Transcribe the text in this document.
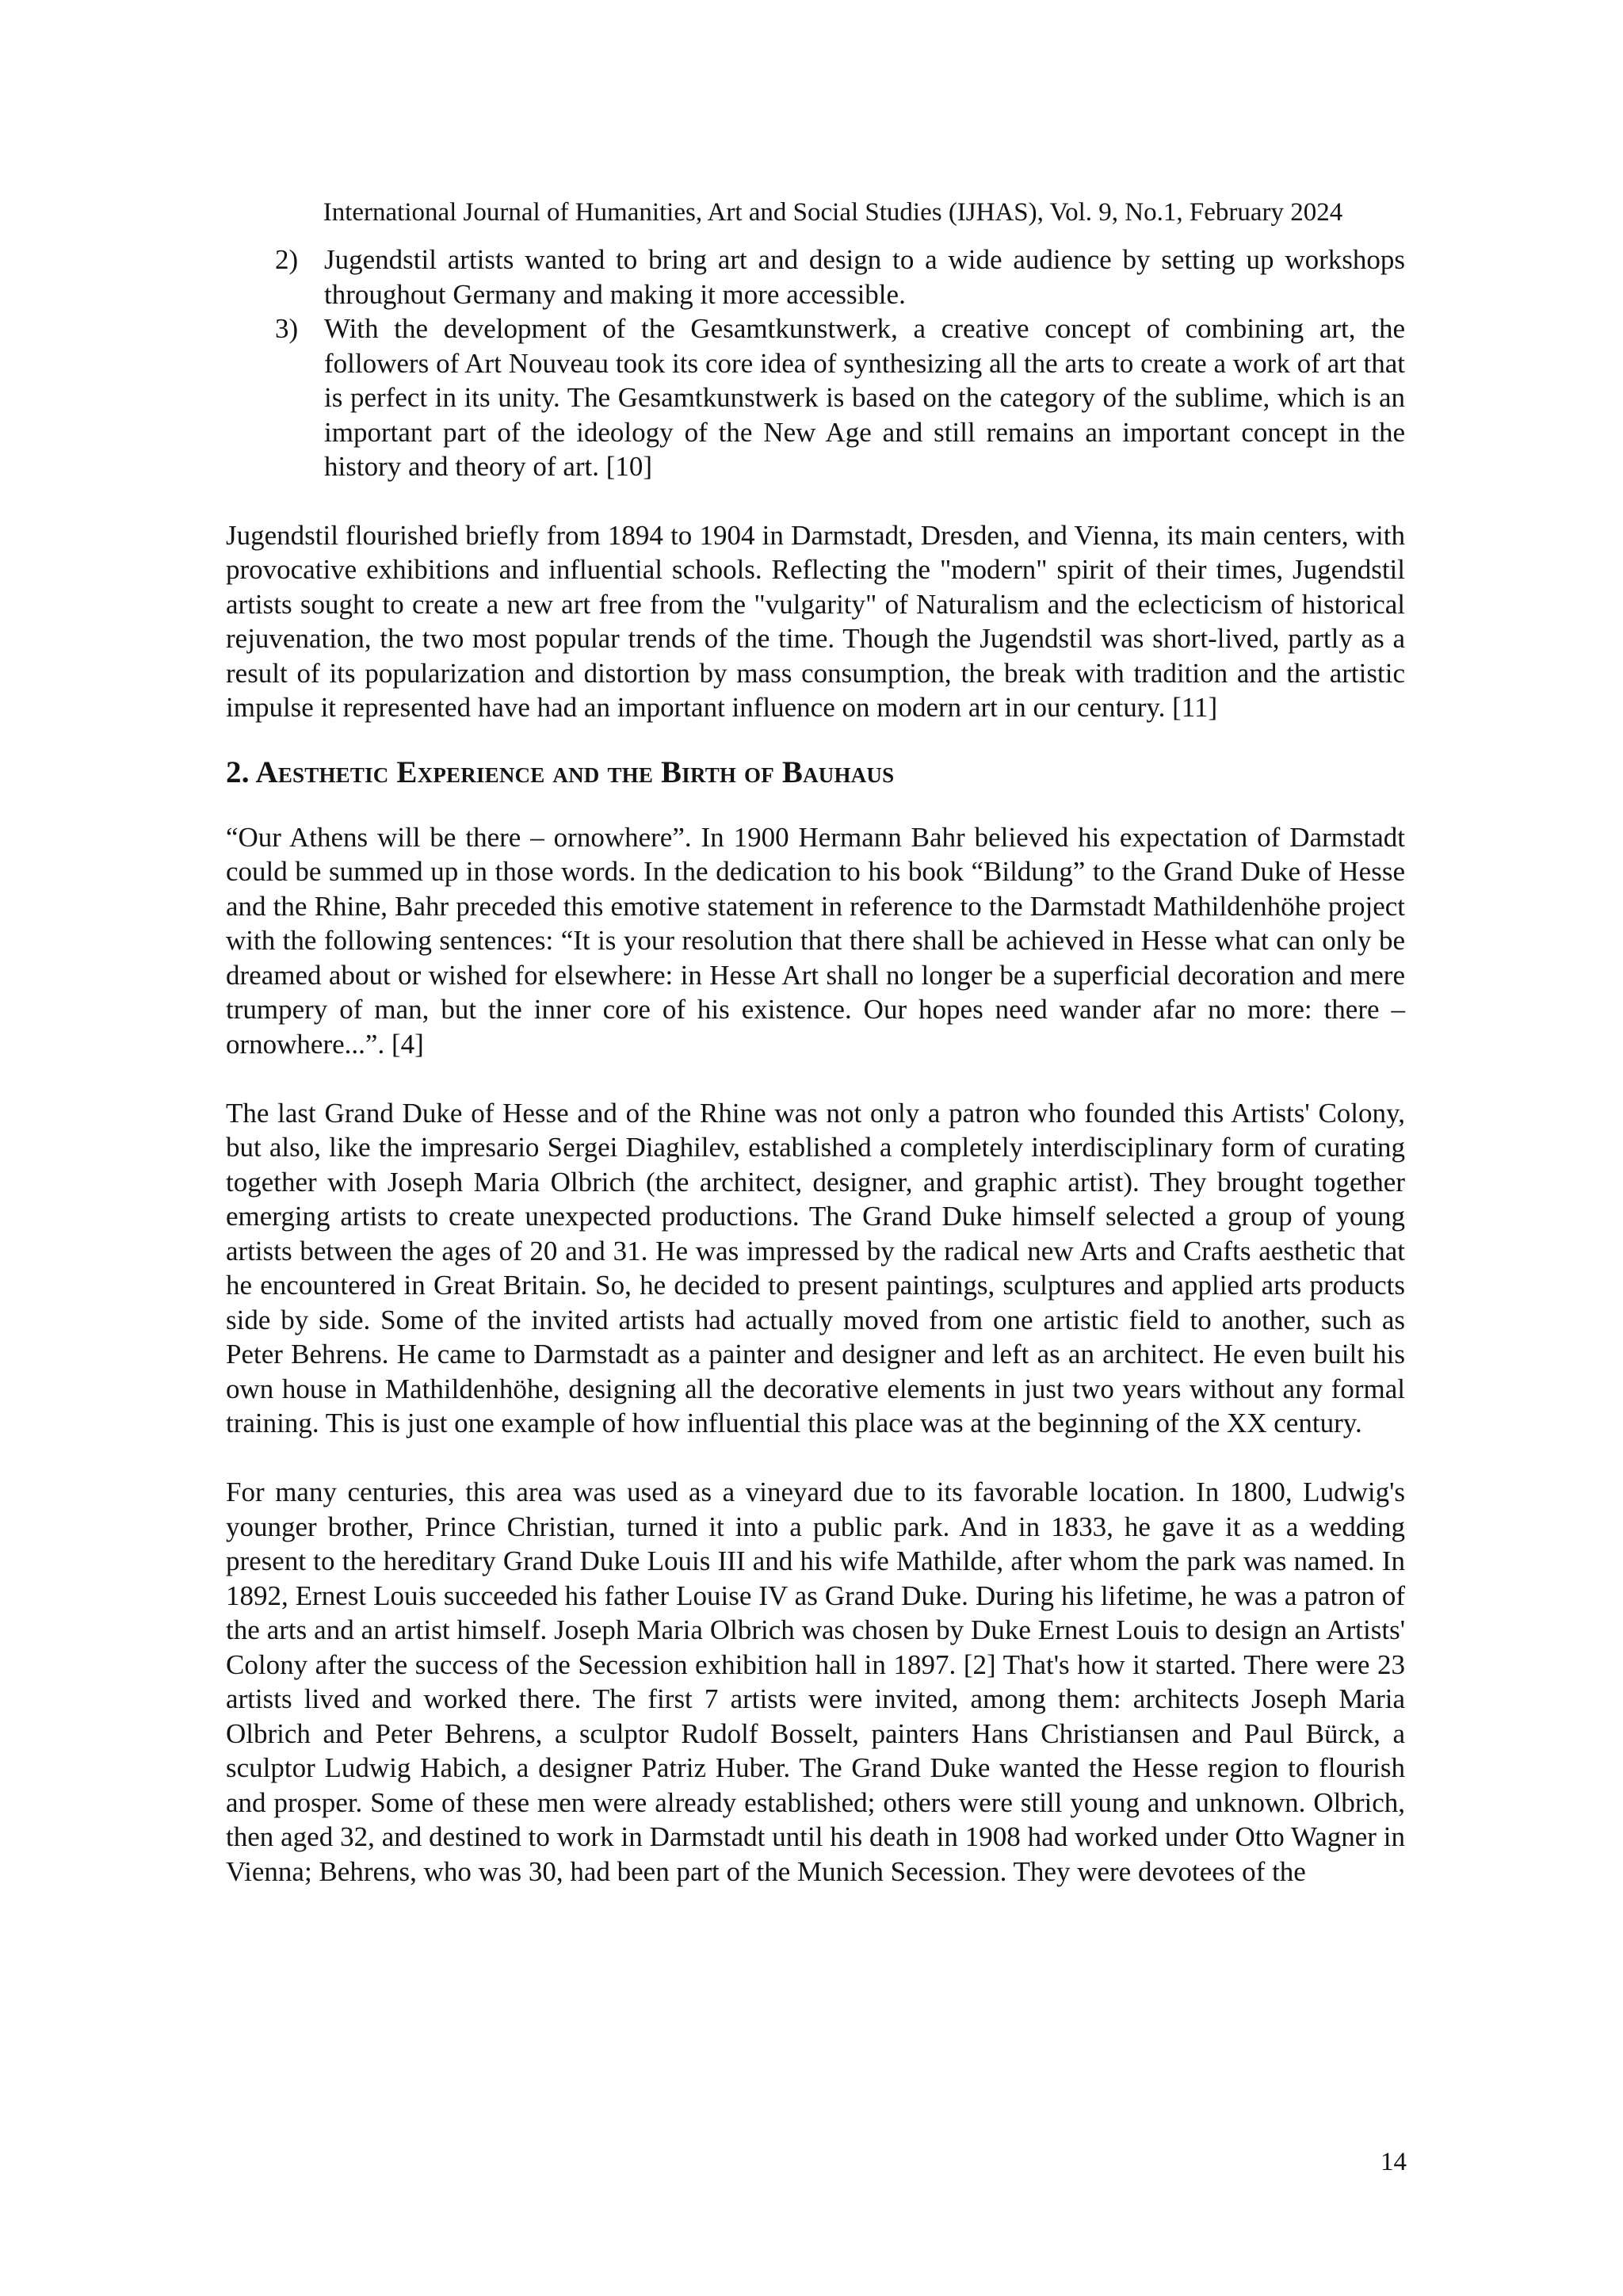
International Journal of Humanities, Art and Social Studies (IJHAS), Vol. 9, No.1, February 2024
2) Jugendstil artists wanted to bring art and design to a wide audience by setting up workshops throughout Germany and making it more accessible.
3) With the development of the Gesamtkunstwerk, a creative concept of combining art, the followers of Art Nouveau took its core idea of synthesizing all the arts to create a work of art that is perfect in its unity. The Gesamtkunstwerk is based on the category of the sublime, which is an important part of the ideology of the New Age and still remains an important concept in the history and theory of art. [10]

Jugendstil flourished briefly from 1894 to 1904 in Darmstadt, Dresden, and Vienna, its main centers, with provocative exhibitions and influential schools. Reflecting the "modern" spirit of their times, Jugendstil artists sought to create a new art free from the "vulgarity" of Naturalism and the eclecticism of historical rejuvenation, the two most popular trends of the time. Though the Jugendstil was short-lived, partly as a result of its popularization and distortion by mass consumption, the break with tradition and the artistic impulse it represented have had an important influence on modern art in our century. [11]

2. Aesthetic Experience and the Birth of Bauhaus

“Our Athens will be there – ornowhere”. In 1900 Hermann Bahr believed his expectation of Darmstadt could be summed up in those words. In the dedication to his book “Bildung” to the Grand Duke of Hesse and the Rhine, Bahr preceded this emotive statement in reference to the Darmstadt Mathildenhöhe project with the following sentences: “It is your resolution that there shall be achieved in Hesse what can only be dreamed about or wished for elsewhere: in Hesse Art shall no longer be a superficial decoration and mere trumpery of man, but the inner core of his existence. Our hopes need wander afar no more: there – ornowhere...”. [4]

The last Grand Duke of Hesse and of the Rhine was not only a patron who founded this Artists' Colony, but also, like the impresario Sergei Diaghilev, established a completely interdisciplinary form of curating together with Joseph Maria Olbrich (the architect, designer, and graphic artist). They brought together emerging artists to create unexpected productions. The Grand Duke himself selected a group of young artists between the ages of 20 and 31. He was impressed by the radical new Arts and Crafts aesthetic that he encountered in Great Britain. So, he decided to present paintings, sculptures and applied arts products side by side. Some of the invited artists had actually moved from one artistic field to another, such as Peter Behrens. He came to Darmstadt as a painter and designer and left as an architect. He even built his own house in Mathildenhöhe, designing all the decorative elements in just two years without any formal training. This is just one example of how influential this place was at the beginning of the XX century.

For many centuries, this area was used as a vineyard due to its favorable location. In 1800, Ludwig's younger brother, Prince Christian, turned it into a public park. And in 1833, he gave it as a wedding present to the hereditary Grand Duke Louis III and his wife Mathilde, after whom the park was named. In 1892, Ernest Louis succeeded his father Louise IV as Grand Duke. During his lifetime, he was a patron of the arts and an artist himself. Joseph Maria Olbrich was chosen by Duke Ernest Louis to design an Artists' Colony after the success of the Secession exhibition hall in 1897. [2] That's how it started. There were 23 artists lived and worked there. The first 7 artists were invited, among them: architects Joseph Maria Olbrich and Peter Behrens, a sculptor Rudolf Bosselt, painters Hans Christiansen and Paul Bürck, a sculptor Ludwig Habich, a designer Patriz Huber. The Grand Duke wanted the Hesse region to flourish and prosper. Some of these men were already established; others were still young and unknown. Olbrich, then aged 32, and destined to work in Darmstadt until his death in 1908 had worked under Otto Wagner in Vienna; Behrens, who was 30, had been part of the Munich Secession. They were devotees of the

14
